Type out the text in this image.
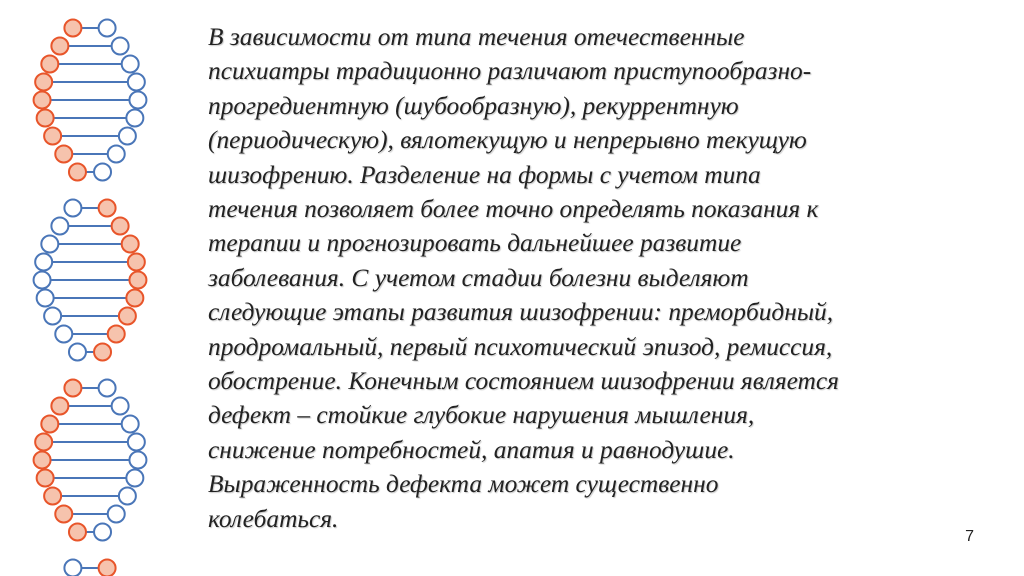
В зависимости от типа течения отечественные
психиатры традиционно различают приступообразно-
прогредиентную (шубообразную), рекуррентную
(периодическую), вялотекущую и непрерывно текущую
шизофрению. Разделение на формы с учетом типа
течения позволяет более точно определять показания к
терапии и прогнозировать дальнейшее развитие
заболевания. С учетом стадии болезни выделяют
следующие этапы развития шизофрении: преморбидный,
продромальный, первый психотический эпизод, ремиссия,
обострение. Конечным состоянием шизофрении является
дефект – стойкие глубокие нарушения мышления,
снижение потребностей, апатия и равнодушие.
Выраженность дефекта может существенно
колебаться.

7
